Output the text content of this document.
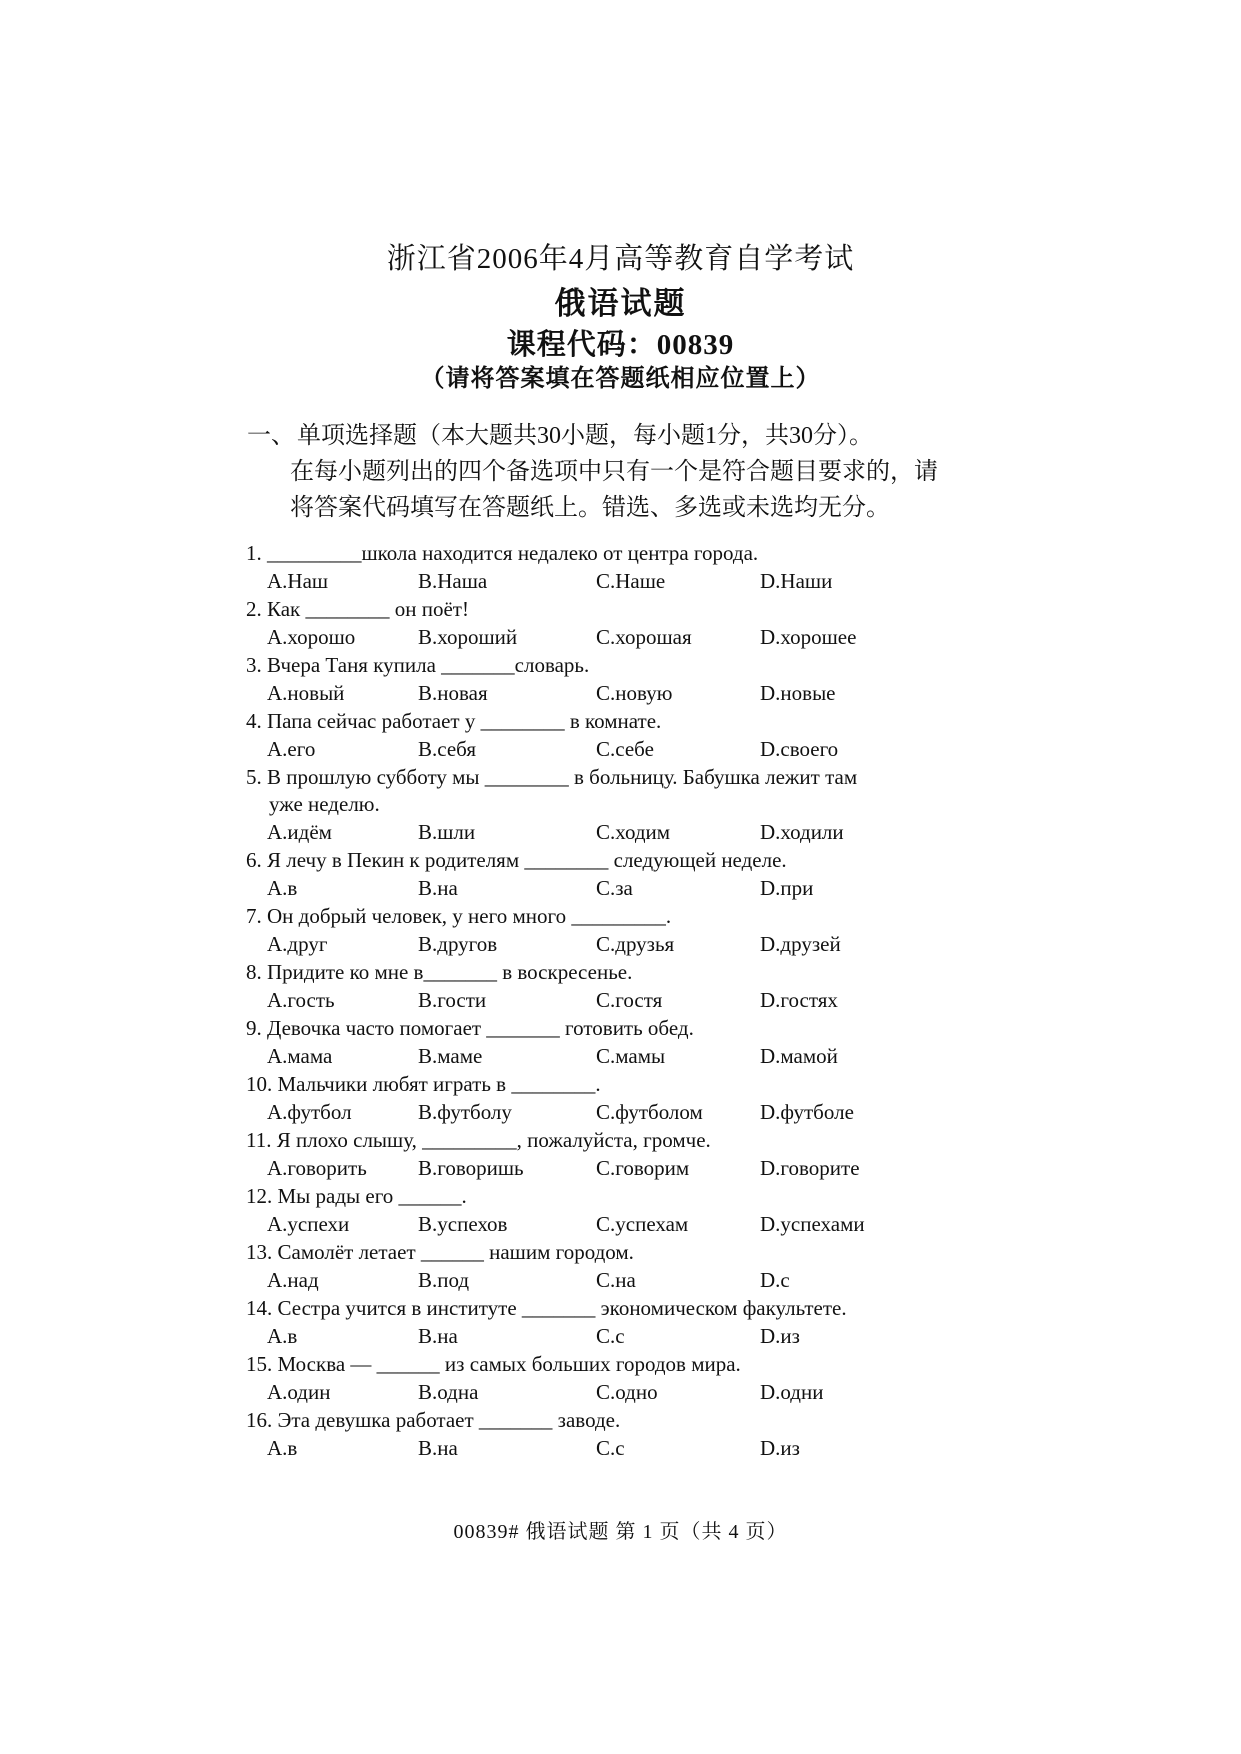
浙江省2006年4月高等教育自学考试
俄语试题
课程代码：00839
（请将答案填在答题纸相应位置上）
一、 单项选择题（本大题共30小题，每小题1分，共30分）。
在每小题列出的四个备选项中只有一个是符合题目要求的，请
将答案代码填写在答题纸上。错选、多选或未选均无分。
1. _________школа находится недалеко от центра города.
A.Наш	B.Наша	C.Наше	D.Наши
2. Как ________ он поёт!
A.хорошо	B.хороший	C.хорошая	D.хорошее
3. Вчера Таня купила _______словарь.
A.новый	B.новая	C.новую	D.новые
4. Папа сейчас работает у ________ в комнате.
A.его	B.себя	C.себе	D.своего
5. В прошлую субботу мы ________ в больницу. Бабушка лежит там
уже неделю.
A.идём	B.шли	C.ходим	D.ходили
6. Я лечу в Пекин к родителям ________ следующей неделе.
A.в	B.на	C.за	D.при
7. Он добрый человек, у него много _________.
A.друг	B.другов	C.друзья	D.друзей
8. Придите ко мне в_______ в воскресенье.
A.гость	B.гости	C.гостя	D.гостях
9. Девочка часто помогает _______ готовить обед.
A.мама	B.маме	C.мамы	D.мамой
10. Мальчики любят играть в ________.
A.футбол	B.футболу	C.футболом	D.футболе
11. Я плохо слышу, _________, пожалуйста, громче.
A.говорить B.говоришь	C.говорим	D.говорите
12. Мы рады его ______.
A.успехи	B.успехов	C.успехам	D.успехами
13. Самолёт летает ______ нашим городом.
A.над	B.под	C.на	D.с
14. Сестра учится в институте _______ экономическом факультете.
A.в	B.на	C.с	D.из
15. Москва — ______ из самых больших городов мира.
A.один	B.одна	C.одно	D.одни
16. Эта девушка работает _______ заводе.
A.в	B.на	C.с	D.из
00839# 俄语试题 第 1 页（共 4 页）
